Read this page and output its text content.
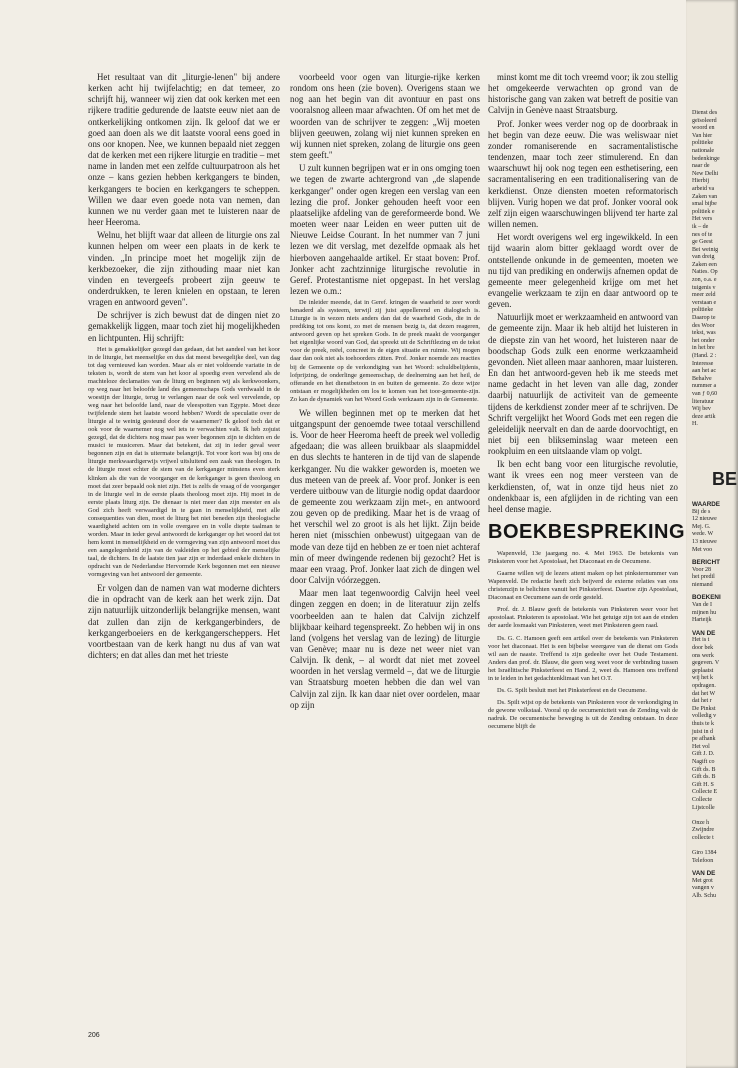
Het resultaat van dit „liturgie-lenen" bij andere kerken acht hij twijfelachtig; en dat temeer, zo schrijft hij, wanneer wij zien dat ook kerken met een rijkere traditie gedurende de laatste eeuw niet aan de ontkerkelijking ontkomen zijn. Ik geloof dat we er goed aan doen als we dit laatste vooral eens goed in ons oor knopen. Nee, we kunnen bepaald niet zeggen dat de kerken met een rijkere liturgie en traditie – met name in landen met een zelfde cultuurpatroon als het onze – kans gezien hebben kerkgangers te binden, kerkgangers te bocien en kerkgangers te scheppen. Willen we daar even goede nota van nemen, dan kunnen we nu verder gaan met te luisteren naar de heer Heeroma.

Welnu, het blijft waar dat alleen de liturgie ons zal kunnen helpen om weer een plaats in de kerk te vinden. „In principe moet het mogelijk zijn de kerkbezoeker, die zijn zithouding maar niet kan vinden en tevergeefs probeert zijn geeuw te onderdrukken, te leren knielen en opstaan, te leren vragen en antwoord geven".

De schrijver is zich bewust dat de dingen niet zo gemakkelijk liggen, maar toch ziet hij mogelijkheden en lichtpunten. Hij schrijft:

Het is gemakkelijker gezegd dan gedaan, dat het aandeel van het koor in de liturgie, het meenselijke en dus dat meest bewegelijke deel, van dag tot dag vernieuwd kan worden. Maar als er niet voldoende variatie in de teksten is, wordt de stem van het koor al spoedig even vervelend als de machteloze declamaties van de liturg en beginnen wij als kerkwoonkers, op weg naar het beloofde land des gemeenschaps Gods verdwaald in de woestijn der liturgie, terug te verlangen naar de ook wel vervelende, op weg naar het beloofde land, naar de vleespotten van Egypte. Moet deze twijfelende stem het laatste woord hebben? Wordt de speculatie over de liturgie al te weinig gesteund door de waarnemer? Ik geloof toch dat er ook voor de waarnemer nog wel iets te verwachten valt. Ik heb zojuist gezegd, dat de dichters nog maar pas weer begonnen zijn te dichten en de musici te musiceren. Maar dat betekent, dat zij in ieder geval weer begonnen zijn en dat is uitermate belangrijk. Tot voor kort was bij ons de liturgie merkwaardigerwijs vrijwel uitsluitend een zaak van theologen. In de liturgie moet echter de stem van de kerkganger minstens even sterk klinken als die van de voorganger en de kerkganger is geen theoloog en moet dat zeer bepaald ook niet zijn. Het is zelfs de vraag of de voorganger in de liturgie wel in de eerste plaats theoloog moet zijn. Hij moet in de eerste plaats liturg zijn. De dienaar is niet meer dan zijn meester en als God zich heeft verwaardigd in te gaan in menselijkheid, met alle consequenties van dien, moet de liturg het niet beneden zijn theologische waardigheid achten om in volle overgave en in volle diepte taalman te worden. Maar in ieder geval antwoordt de kerkganger op het woord dat tot hem komt in menselijkheid en de vormgeving van zijn antwoord moet dus een aangelegenheid zijn van de vakleiden op het gebied der menselijke taal, de dichters. In de laatste tien jaar zijn er inderdaad enkele dichters in opdracht van de Nederlandse Hervormde Kerk begonnen met een nieuwe vormgeving van het antwoord der gemeente.

Er volgen dan de namen van wat moderne dichters die in opdracht van de kerk aan het werk zijn. Dat zijn natuurlijk uitzonderlijk belangrijke mensen, want dat zullen dan zijn de kerkgangerbinders, de kerkgangerboeiers en de kerkgangerscheppers. Het voortbestaan van de kerk hangt nu dus af van wat dichters; en dat alles dan met het trieste

voorbeeld voor ogen van liturgie-rijke kerken rondom ons heen (zie boven). Overigens staan we nog aan het begin van dit avontuur en past ons vooralsnog alleen maar afwachten. Of om het met de woorden van de schrijver te zeggen: „Wij moeten blijven geeuwen, zolang wij niet kunnen spreken en wij kunnen niet spreken, zolang de liturgie ons geen stem geeft."

U zult kunnen begrijpen wat er in ons omging toen we tegen de zwarte achtergrond van „de slapende kerkganger" onder ogen kregen een verslag van een lezing die prof. Jonker gehouden heeft voor een plaatselijke afdeling van de gereformeerde bond. We moeten weer naar Leiden en weer putten uit de Nieuwe Leidse Courant. In het nummer van 7 juni lezen we dit verslag, met dezelfde opmaak als het hierboven aangehaalde artikel. Er staat boven: Prof. Jonker acht zachtzinnige liturgische revolutie in Geref. Protestantisme niet opgepast. In het verslag lezen we o.m.:

De inleider meende, dat in Geref. kringen de waarheid te zeer wordt benaderd als systeem, terwijl zij juist appellerend en dialogisch is. Liturgie is in wezen niets anders dan dat de waarheid Gods, die in de prediking tot ons komt, zo met de mensen bezig is, dat dezen reageren, antwoord geven op het spreken Gods. In de preek maakt de voorganger het eigenlijke woord van God, dat spreekt uit de Schriftlezing en de tekst voor de preek, reëel, concreet in de eigen situatie en ruimte. Wij mogen daar dan ook niet als toehoorders zitten. Prof. Jonker noemde zes reacties bij de Gemeente op de verkondiging van het Woord: schuldbelijdenis, lofprijzing, de onderlinge gemeenschap, de deelneming aan het heil, de offerande en het dienstbetoon in en buiten de gemeente. Zo deze wijze ontstaan er mogelijkheden om los te komen van het toor-gemeente-zijn. Zo kan de dynamiek van het Woord Gods werkzaam zijn in de Gemeente.

We willen beginnen met op te merken dat het uitgangspunt der genoemde twee totaal verschillend is. Voor de heer Heeroma heeft de preek wel volledig afgedaan; die was alleen bruikbaar als slaapmiddel en dus slechts te hanteren in de tijd van de slapende kerkganger. Nu die wakker geworden is, moeten we dus meteen van de preek af. Voor prof. Jonker is een verdere uitbouw van de liturgie nodig opdat daardoor de gemeente zou werkzaam zijn met-, en antwoord zou geven op de prediking. Maar het is de vraag of het verschil wel zo groot is als het lijkt. Zijn beide heren niet (misschien onbewust) uitgegaan van de mode van deze tijd en hebben ze er toen niet achteraf min of meer dwingende redenen bij gezocht? Het is maar een vraag. Prof. Jonker laat zich de dingen wel door Calvijn vóórzeggen.

Maar men laat tegenwoordig Calvijn heel veel dingen zeggen en doen; in de literatuur zijn zelfs voorbeelden aan te halen dat Calvijn zichzelf blijkbaar keihard tegenspreekt. Zo hebben wij in ons land (volgens het verslag van de lezing) de liturgie van Genève; maar nu is deze net weer niet van Calvijn. Ik denk, – al wordt dat niet met zoveel woorden in het verslag vermeld –, dat we de liturgie van Straatsburg moeten hebben die dan wel van Calvijn zal zijn. Ik kan daar niet over oordelen, maar op zijn

minst komt me dit toch vreemd voor; ik zou stellig het omgekeerde verwachten op grond van de historische gang van zaken wat betreft de positie van Calvijn in Genève naast Straatsburg.

Prof. Jonker wees verder nog op de doorbraak in het begin van deze eeuw. Die was weliswaar niet zonder romaniserende en sacramentalistische tendenzen, maar toch zeer stimulerend. En dan waarschuwt hij ook nog tegen een esthetisering, een sacramentalisering en een traditionalisering van de kerkdienst. Onze diensten moeten reformatorisch blijven. Vurig hopen we dat prof. Jonker vooral ook zelf zijn eigen waarschuwingen blijvend ter harte zal willen nemen.

Het wordt overigens wel erg ingewikkeld. In een tijd waarin alom bitter geklaagd wordt over de ontstellende onkunde in de gemeenten, moeten we nu tijd van prediking en onderwijs afnemen opdat de gemeente meer gelegenheid krijge om met het evangelie werkzaam te zijn en daar antwoord op te geven.

Natuurlijk moet er werkzaamheid en antwoord van de gemeente zijn. Maar ik heb altijd het luisteren in de diepste zin van het woord, het luisteren naar de boodschap Gods zulk een enorme werkzaamheid gevonden. Niet alleen maar aanhoren, maar luisteren. En dan het antwoord-geven heb ik me steeds met name gedacht in het leven van alle dag, zonder daarbij natuurlijk de activiteit van de gemeente tijdens de kerkdienst zonder meer af te schrijven. De Schrift vergelijkt het Woord Gods met een regen die geleidelijk neervalt en dan de aarde doorvochtigt, en niet bij een blikseminslag waar meteen een rookpluim en een uitslaande vlam op volgt.

Ik ben echt bang voor een liturgische revolutie, want ik vrees een nog meer versteen van de kerkdiensten, of, wat in onze tijd heus niet zo ondenkbaar is, een afglijden in de richting van een heel dense magie.

BOEKBESPREKING

Wapenveld, 13e jaargang no. 4. Mei 1963. De betekenis van Pinksteren voor het Apostolaat, het Diaconaat en de Oecumene.

Gaarne willen wij de lezers attent maken op het pinksternummer van Wapenveld. De redactie heeft zich beijverd de externe relaties van ons christenzijn te belichten vanuit het Pinksterfeest. Daartoe zijn Apostolaat, Diaconaat en Oecumene aan de orde gesteld.

Prof. dr. J. Blauw geeft de betekenis van Pinksteren weer voor het apostolaat. Pinksteren is apostolaat. Wie het getuige zijn tot aan de einden der aarde losmaakt van Pinksteren, weet met Pinksteren geen raad.

Ds. G. C. Hamoen geeft een artikel over de betekenis van Pinksteren voor het diaconaat. Het is een bijbelse weergave van de dienst om Gods wil aan de naaste. Treffend is zijn gedeelte over het Oude Testament. Anders dan prof. dr. Blauw, die geen weg weet voor de verbinding tussen het Israëlitische Pinksterfeest en Hand. 2, weet ds. Hamoen ons treffend in te leiden in het gedachtenklimaat van het O.T.

Ds. G. Spilt besluit met het Pinksterfeest en de Oecumene.

Ds. Spilt wijst op de betekenis van Pinksteren voor de verkondiging in de gewone volkstaal. Vooral op de oecumeniciteit van de Zending valt de nadruk. De oecumenische beweging is uit de Zending ontstaan. In deze oecumene blijft de

206
Dienst des
geïsoleerd
woord en
Van hier
politieke
nationale
bedenkinge
naar de
New Delhi
Hierbij
arbeid va
Zaken van
smal bijbe
politiek e
Het vers
ik – de
nes of te
ge Geest
Bei weinig
van dreig
Zaken een
Naties. Op
zon, o.a. e
tuigenis v
meer zeld
verstaan e
politieke
Daarop te
des Woor
tekst, was
het onder
in het bre
(Hand. 2 :
Interesse
aan het ac
Behalve
nummer a
van ƒ 0,60
literatuur
Wij bev
deze artik
H.
BE
WAARDE
Bij de s
12 nieuwe
Mej. G.
wede. W
13 nieuwe
Met voo
BERICHT
Voor 28
het predil
niemand
BOEKENI
Van de I
mijnen hu
Harteijk
VAN DE
Het is t
door bek
ons werk
gegeven. V
geplaatst
wij het k
opdragen.
dat het W
dat het r
De Pinkst
volledig v
thuis te k
juist in d
pe afhank
Het vol
Gift J. D.
Nagift co
Gift ds. B
Gift ds. B
Gift H. S
Collecte E
Collecte
Lijstcolle

Onze h
Zwijndre
collecte t

Giro 1384
Telefoon
VAN DE
Met grot
vangen v
Alb. Schu
